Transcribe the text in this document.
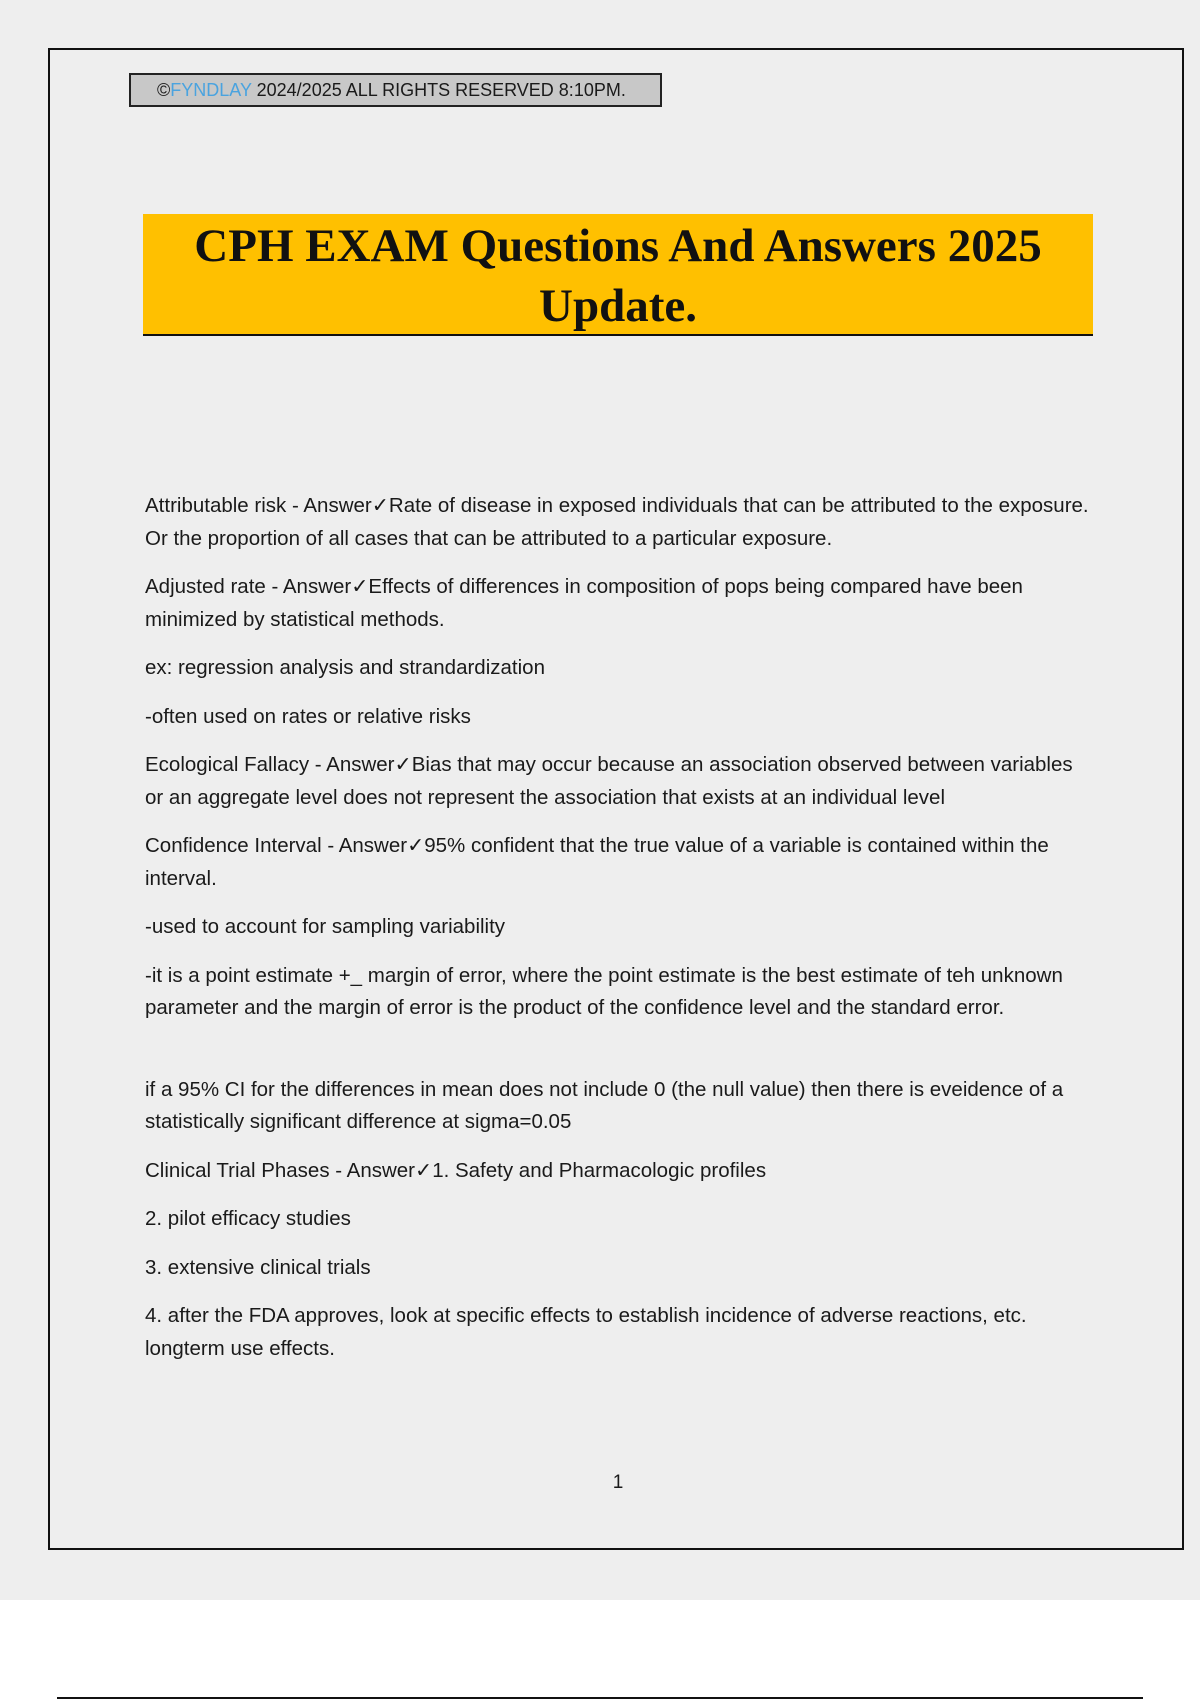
©FYNDLAY 2024/2025 ALL RIGHTS RESERVED 8:10PM.
CPH EXAM Questions And Answers 2025
Update.

Attributable risk - Answer✓Rate of disease in exposed individuals that can be attributed to the exposure. Or the proportion of all cases that can be attributed to a particular exposure.

Adjusted rate - Answer✓Effects of differences in composition of pops being compared have been minimized by statistical methods.

ex: regression analysis and strandardization

-often used on rates or relative risks

Ecological Fallacy - Answer✓Bias that may occur because an association observed between variables or an aggregate level does not represent the association that exists at an individual level

Confidence Interval - Answer✓95% confident that the true value of a variable is contained within the interval.

-used to account for sampling variability

-it is a point estimate +_ margin of error, where the point estimate is the best estimate of teh unknown parameter and the margin of error is the product of the confidence level and the standard error.

if a 95% CI for the differences in mean does not include 0 (the null value) then there is eveidence of a statistically significant difference at sigma=0.05

Clinical Trial Phases - Answer✓1. Safety and Pharmacologic profiles

2. pilot efficacy studies

3. extensive clinical trials

4. after the FDA approves, look at specific effects to establish incidence of adverse reactions, etc. longterm use effects.

1
